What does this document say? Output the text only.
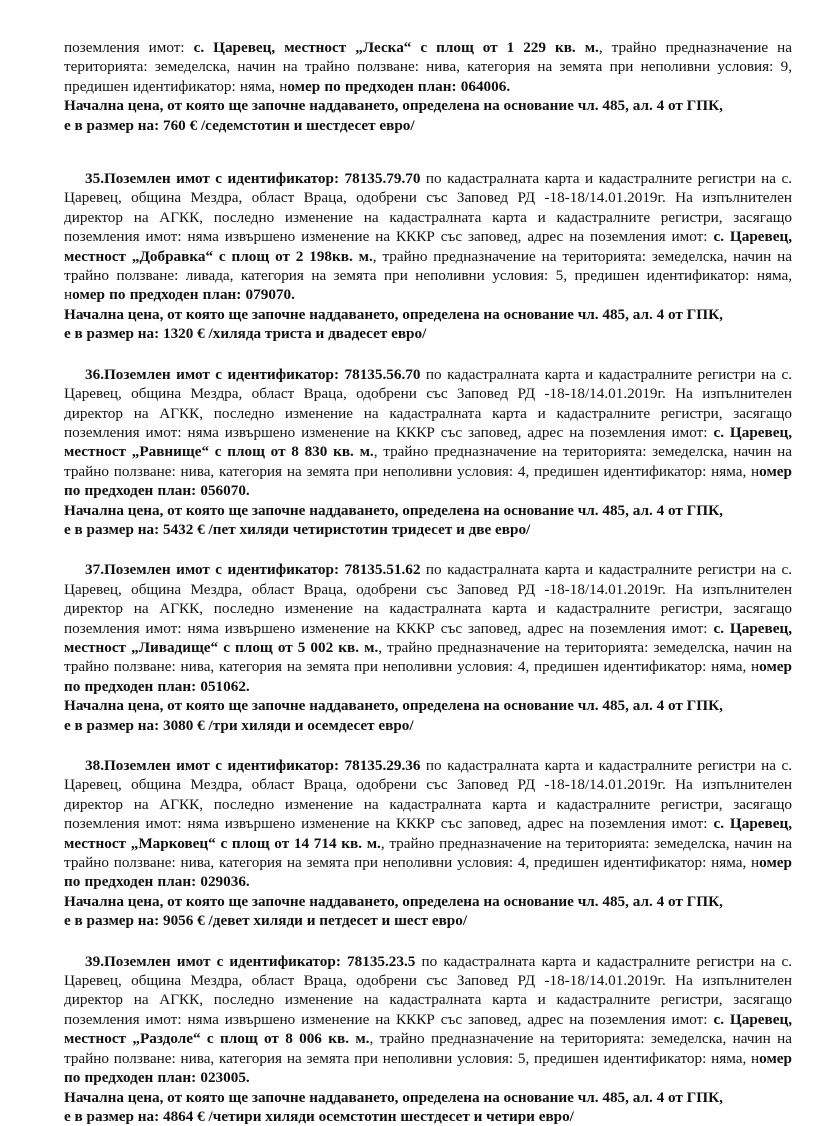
поземления имот: с. Царевец, местност „Леска“ с площ от 1 229 кв. м., трайно предназначение на територията: земеделска, начин на трайно ползване: нива, категория на земята при неполивни условия: 9, предишен идентификатор: няма, номер по предходен план: 064006.

Начална цена, от която ще започне наддаването, определена на основание чл. 485, ал. 4 от ГПК,

е в размер на: 760 € /седемстотин и шестдесет евро/

35.Поземлен имот с идентификатор: 78135.79.70 по кадастралната карта и кадастралните регистри на с. Царевец, община Мездра, област Враца, одобрени със Заповед РД -18-18/14.01.2019г. На изпълнителен директор на АГКК, последно изменение на кадастралната карта и кадастралните регистри, засягащо поземления имот: няма извършено изменение на КККР със заповед, адрес на поземления имот: с. Царевец, местност „Добравка“ с площ от 2 198кв. м., трайно предназначение на територията: земеделска, начин на трайно ползване: ливада, категория на земята при неполивни условия: 5, предишен идентификатор: няма, номер по предходен план: 079070.

Начална цена, от която ще започне наддаването, определена на основание чл. 485, ал. 4 от ГПК,

е в размер на: 1320 € /хиляда триста и двадесет евро/

36.Поземлен имот с идентификатор: 78135.56.70 по кадастралната карта и кадастралните регистри на с. Царевец, община Мездра, област Враца, одобрени със Заповед РД -18-18/14.01.2019г. На изпълнителен директор на АГКК, последно изменение на кадастралната карта и кадастралните регистри, засягащо поземления имот: няма извършено изменение на КККР със заповед, адрес на поземления имот: с. Царевец, местност „Равнище“ с площ от 8 830 кв. м., трайно предназначение на територията: земеделска, начин на трайно ползване: нива, категория на земята при неполивни условия: 4, предишен идентификатор: няма, номер по предходен план: 056070.

Начална цена, от която ще започне наддаването, определена на основание чл. 485, ал. 4 от ГПК,

е в размер на: 5432 € /пет хиляди четиристотин тридесет и две евро/

37.Поземлен имот с идентификатор: 78135.51.62 по кадастралната карта и кадастралните регистри на с. Царевец, община Мездра, област Враца, одобрени със Заповед РД -18-18/14.01.2019г. На изпълнителен директор на АГКК, последно изменение на кадастралната карта и кадастралните регистри, засягащо поземления имот: няма извършено изменение на КККР със заповед, адрес на поземления имот: с. Царевец, местност „Ливадище“ с площ от 5 002 кв. м., трайно предназначение на територията: земеделска, начин на трайно ползване: нива, категория на земята при неполивни условия: 4, предишен идентификатор: няма, номер по предходен план: 051062.

Начална цена, от която ще започне наддаването, определена на основание чл. 485, ал. 4 от ГПК,

е в размер на: 3080 € /три хиляди и осемдесет евро/

38.Поземлен имот с идентификатор: 78135.29.36 по кадастралната карта и кадастралните регистри на с. Царевец, община Мездра, област Враца, одобрени със Заповед РД -18-18/14.01.2019г. На изпълнителен директор на АГКК, последно изменение на кадастралната карта и кадастралните регистри, засягащо поземления имот: няма извършено изменение на КККР със заповед, адрес на поземления имот: с. Царевец, местност „Марковец“ с площ от 14 714 кв. м., трайно предназначение на територията: земеделска, начин на трайно ползване: нива, категория на земята при неполивни условия: 4, предишен идентификатор: няма, номер по предходен план: 029036.

Начална цена, от която ще започне наддаването, определена на основание чл. 485, ал. 4 от ГПК,

е в размер на: 9056 € /девет хиляди и петдесет и шест евро/

39.Поземлен имот с идентификатор: 78135.23.5 по кадастралната карта и кадастралните регистри на с. Царевец, община Мездра, област Враца, одобрени със Заповед РД -18-18/14.01.2019г. На изпълнителен директор на АГКК, последно изменение на кадастралната карта и кадастралните регистри, засягащо поземления имот: няма извършено изменение на КККР със заповед, адрес на поземления имот: с. Царевец, местност „Раздоле“ с площ от 8 006 кв. м., трайно предназначение на територията: земеделска, начин на трайно ползване: нива, категория на земята при неполивни условия: 5, предишен идентификатор: няма, номер по предходен план: 023005.

Начална цена, от която ще започне наддаването, определена на основание чл. 485, ал. 4 от ГПК,

е в размер на: 4864 € /четири хиляди осемстотин шестдесет и четири евро/
